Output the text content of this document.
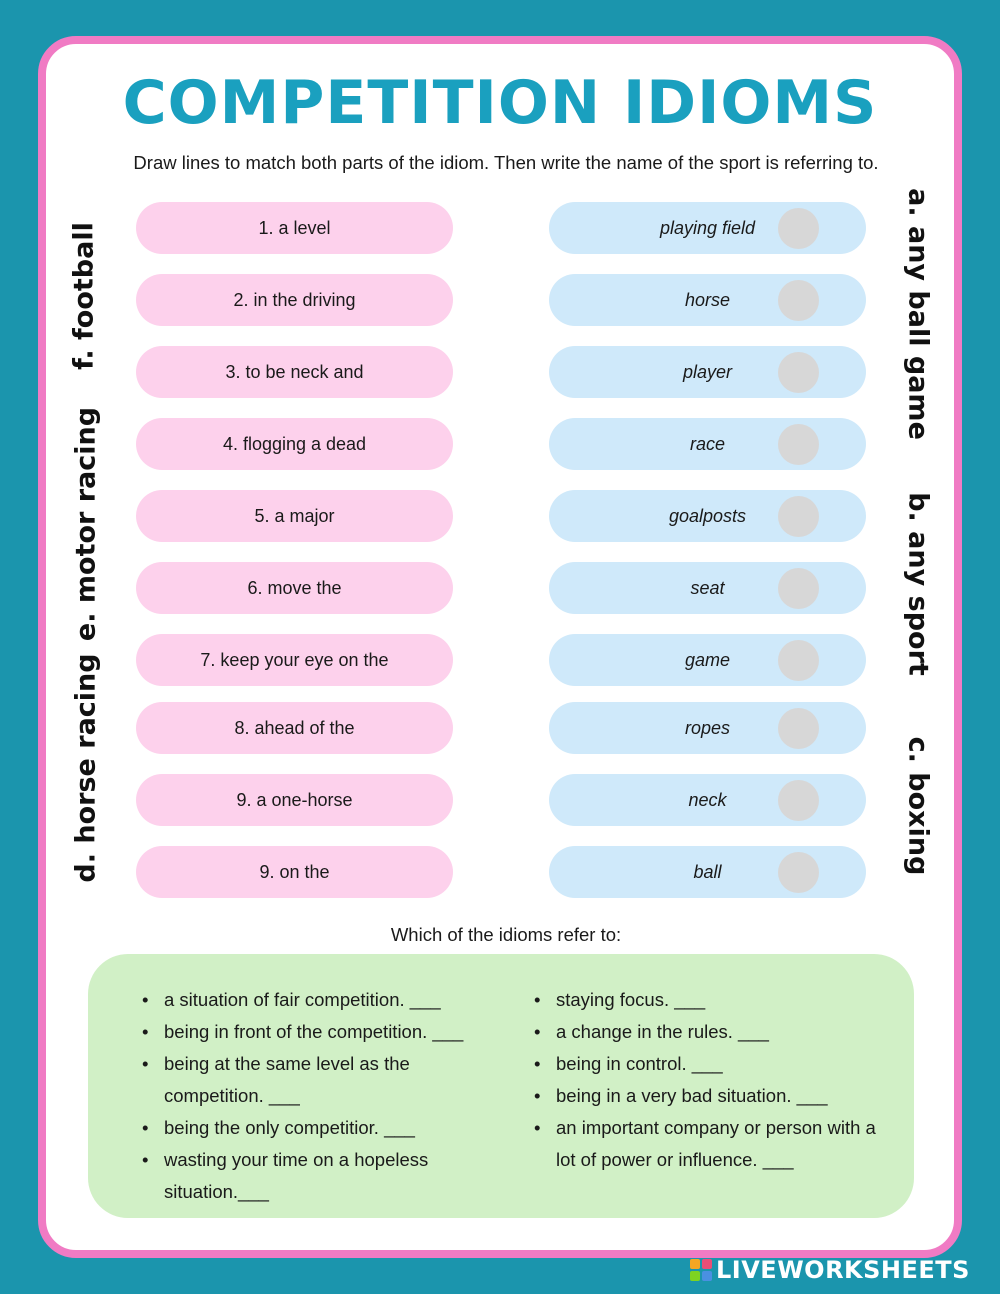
COMPETITION IDIOMS
Draw lines to match both parts of the idiom. Then write the name of the sport is referring to.
1. a level
2. in the driving
3. to be neck and
4. flogging a dead
5. a major
6. move the
7. keep your eye on the
8. ahead of the
9. a one-horse
9. on the
playing field
horse
player
race
goalposts
seat
game
ropes
neck
ball
f. football
e. motor racing
d. horse racing
a. any ball game
b. any sport
c. boxing
Which of the idioms refer to:
• a situation of fair competition. ___
• being in front of the competition. ___
• being at the same level as the competition. ___
• being the only competitior. ___
• wasting your time on a hopeless situation.___
• staying focus. ___
• a change in the rules. ___
• being in control. ___
• being in a very bad situation. ___
• an important company or person with a lot of power or influence. ___
LIVEWORKSHEETS
